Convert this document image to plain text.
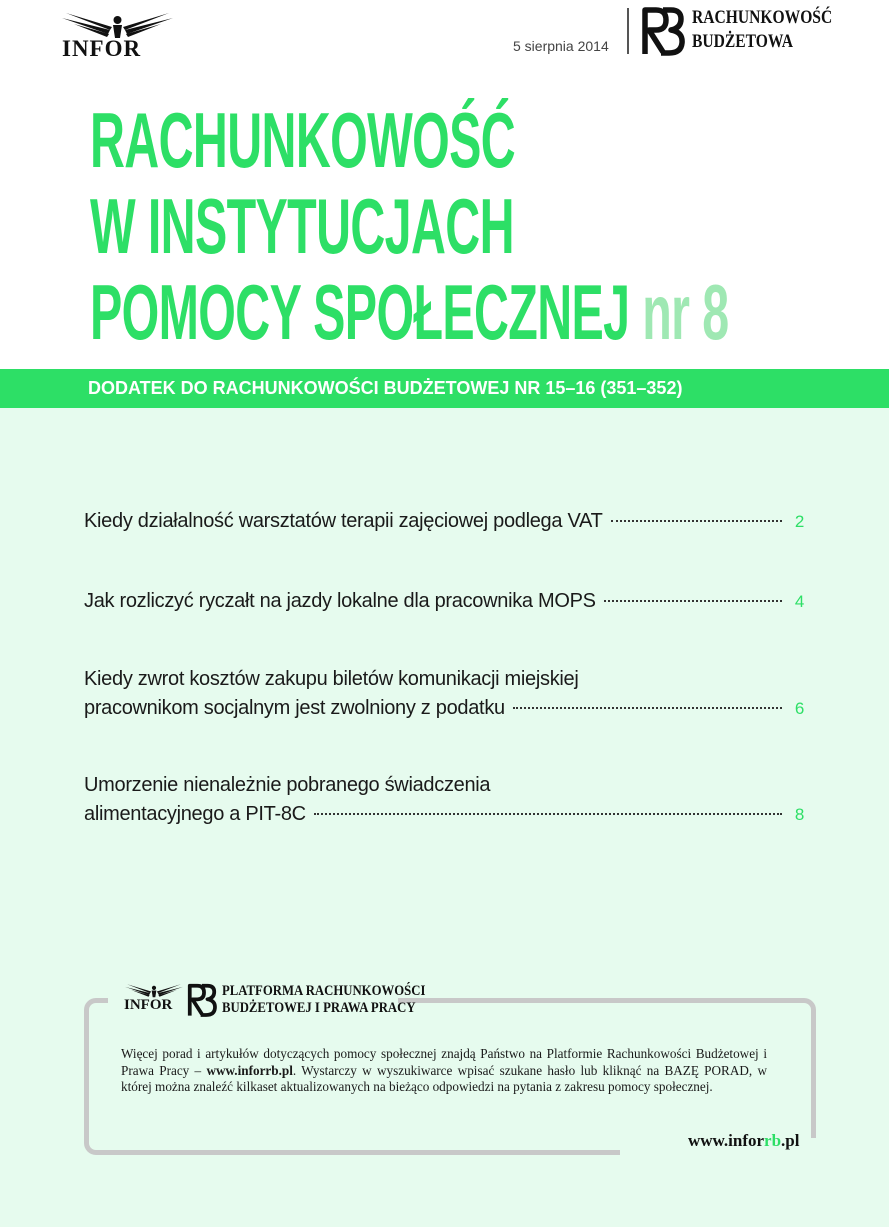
INFOR	5 sierpnia 2014
RACHUNKOWOŚĆ
BUDŻETOWA
RACHUNKOWOŚĆ
W INSTYTUCJACH
POMOCY SPOŁECZNEJ nr 8
DODATEK DO RACHUNKOWOŚCI BUDŻETOWEJ NR 15–16 (351–352)
Kiedy działalność warsztatów terapii zajęciowej podlega VAT	2
Jak rozliczyć ryczałt na jazdy lokalne dla pracownika MOPS	4
Kiedy zwrot kosztów zakupu biletów komunikacji miejskiej
pracownikom socjalnym jest zwolniony z podatku	6
Umorzenie nienależnie pobranego świadczenia
alimentacyjnego a PIT-8C	8
INFOR
PLATFORMA RACHUNKOWOŚCI
BUDŻETOWEJ I PRAWA PRACY
Więcej porad i artykułów dotyczących pomocy społecznej znajdą Państwo na Platformie Rachunkowości Budżetowej i Prawa Pracy – www.inforrb.pl. Wystarczy w wyszukiwarce wpisać szukane hasło lub kliknąć na BAZĘ PORAD, w której można znaleźć kilkaset aktualizowanych na bieżąco odpowiedzi na pytania z zakresu pomocy społecznej.
www.inforrb.pl
